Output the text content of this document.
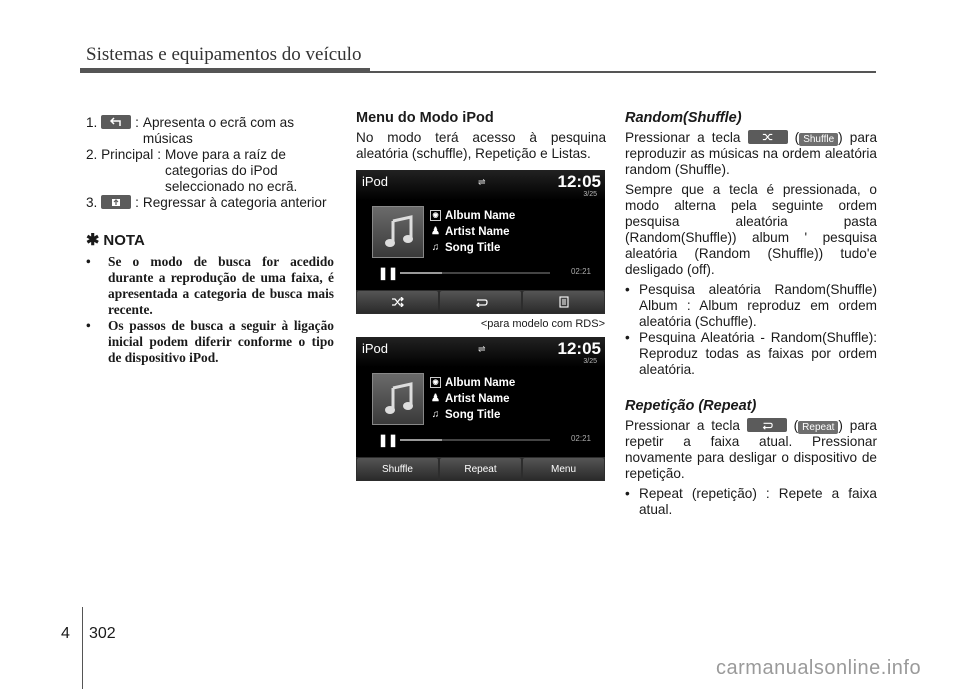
Sistemas e equipamentos do veículo
1.
	: Apresenta o ecrã com as
músicas
2. Principal : Move para a raíz de
categorias do iPod
seleccionado no ecrã.
3.
	: Regressar à categoria anterior
✱ NOTA
• Se o modo de busca for acedido durante a reprodução de uma faixa, é apresentada a categoria de busca mais recente.
• Os passos de busca a seguir à ligação inicial podem diferir conforme o tipo de dispositivo iPod.
Menu do Modo iPod

No modo terá acesso à pesquina aleatória (schuffle), Repetição e Listas.

iPod	⇌	12:05
3/25
◉ Album Name
♟ Artist Name
♫ Song Title
❚❚	02:21
<para modelo com RDS>
iPod	⇌	12:05
3/25
◉ Album Name
♟ Artist Name
♫ Song Title
❚❚	02:21
Shuffle	Repeat	Menu
Random(Shuffle)

Pressionar a tecla	( Shuffle ) para reproduzir as músicas na ordem aleatória random (Shuffle).

Sempre que a tecla é pressionada, o modo alterna pela seguinte ordem pesquisa aleatória pasta (Random(Shuffle)) album ' pesquisa aleatória (Random (Shuffle)) tudo'e desligado (off).

• Pesquisa aleatória Random(Shuffle) Album : Album reproduz em ordem aleatória (Schuffle).
• Pesquina Aleatória - Random(Shuffle): Reproduz todas as faixas por ordem aleatória.
Repetição (Repeat)

Pressionar a tecla	( Repeat ) para repetir a faixa atual. Pressionar novamente para desligar o dispositivo de repetição.

• Repeat (repetição) : Repete a faixa atual.
4 302
carmanualsonline.info
